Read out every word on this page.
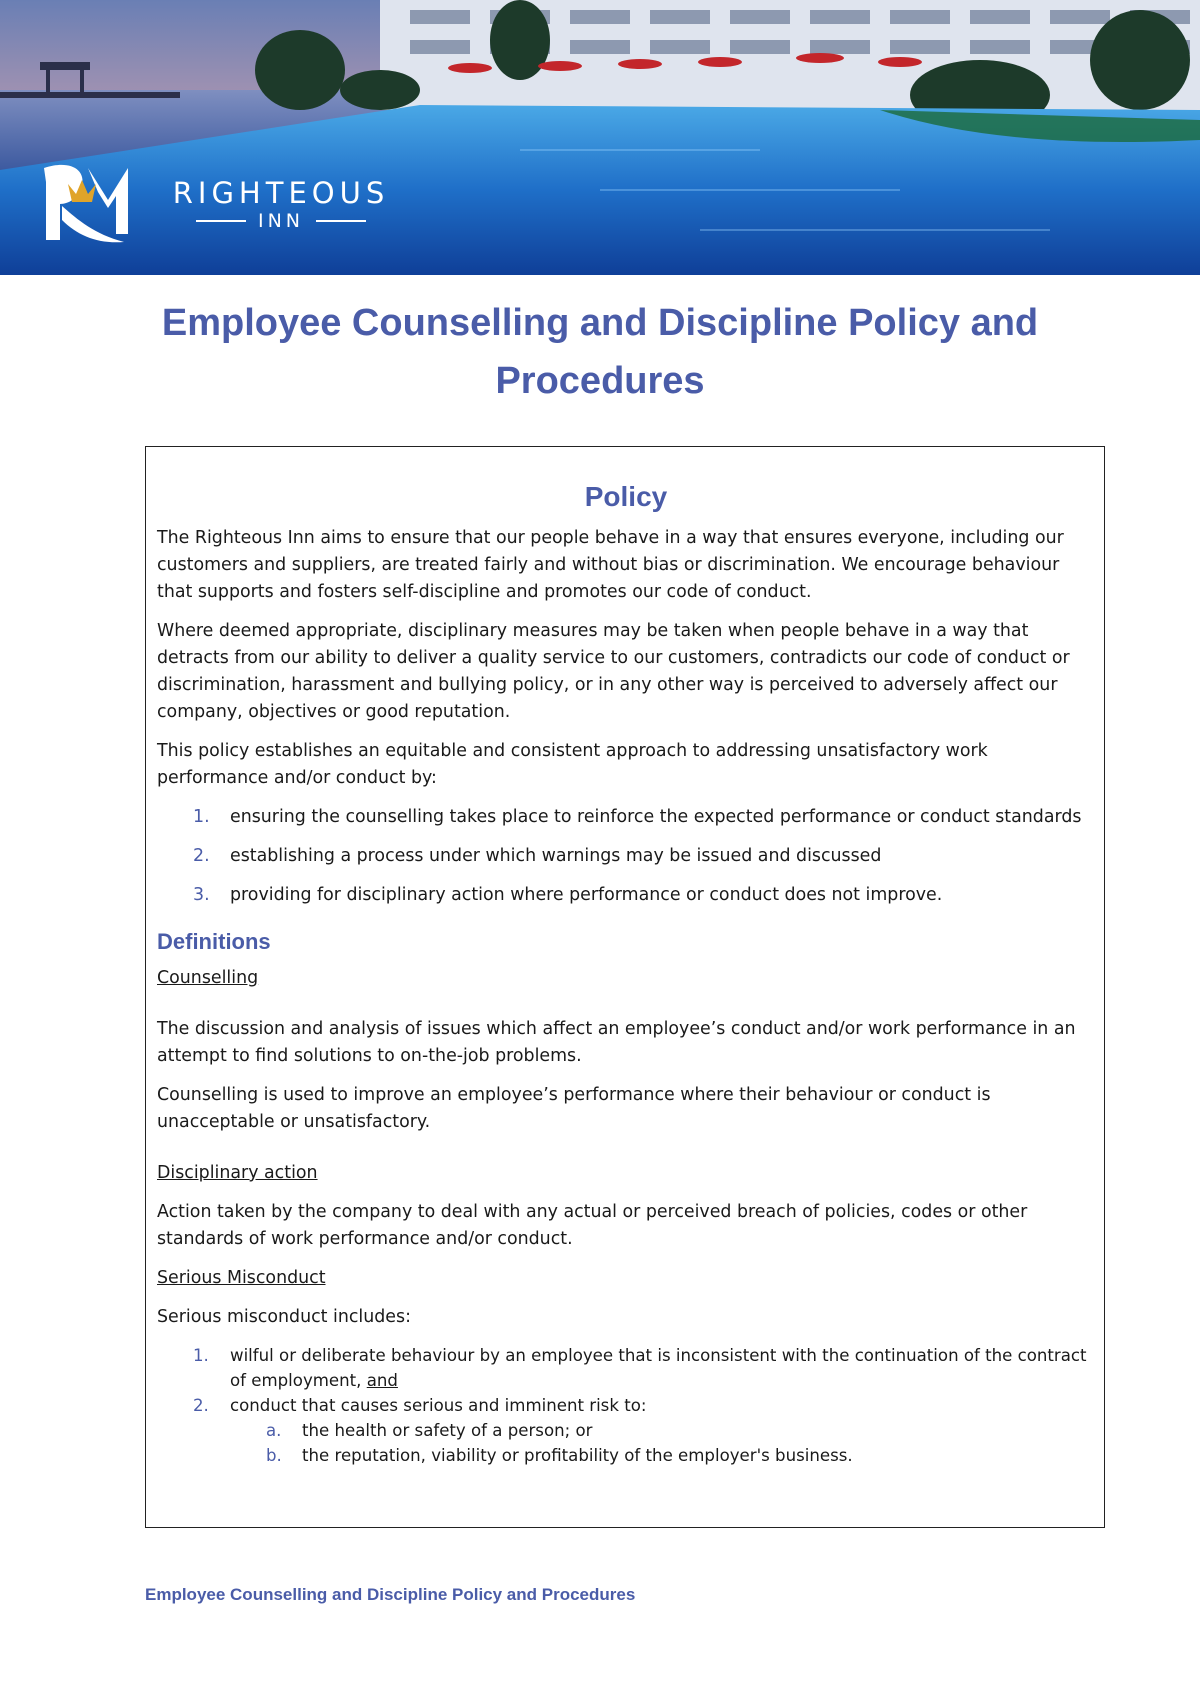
RIGHTEOUS
INN
Employee Counselling and Discipline Policy and Procedures
Policy

The Righteous Inn aims to ensure that our people behave in a way that ensures everyone, including our customers and suppliers, are treated fairly and without bias or discrimination. We encourage behaviour that supports and fosters self-discipline and promotes our code of conduct.

Where deemed appropriate, disciplinary measures may be taken when people behave in a way that detracts from our ability to deliver a quality service to our customers, contradicts our code of conduct or discrimination, harassment and bullying policy, or in any other way is perceived to adversely affect our company, objectives or good reputation.

This policy establishes an equitable and consistent approach to addressing unsatisfactory work performance and/or conduct by:

1. ensuring the counselling takes place to reinforce the expected performance or conduct standards
2. establishing a process under which warnings may be issued and discussed
3. providing for disciplinary action where performance or conduct does not improve.
Definitions

Counselling

The discussion and analysis of issues which affect an employee’s conduct and/or work performance in an attempt to find solutions to on-the-job problems.

Counselling is used to improve an employee’s performance where their behaviour or conduct is unacceptable or unsatisfactory.

Disciplinary action

Action taken by the company to deal with any actual or perceived breach of policies, codes or other standards of work performance and/or conduct.

Serious Misconduct

Serious misconduct includes:

1. wilful or deliberate behaviour by an employee that is inconsistent with the continuation of the contract of employment, and
2. conduct that causes serious and imminent risk to:
a. the health or safety of a person; or
b. the reputation, viability or profitability of the employer's business.
Employee Counselling and Discipline Policy and Procedures
